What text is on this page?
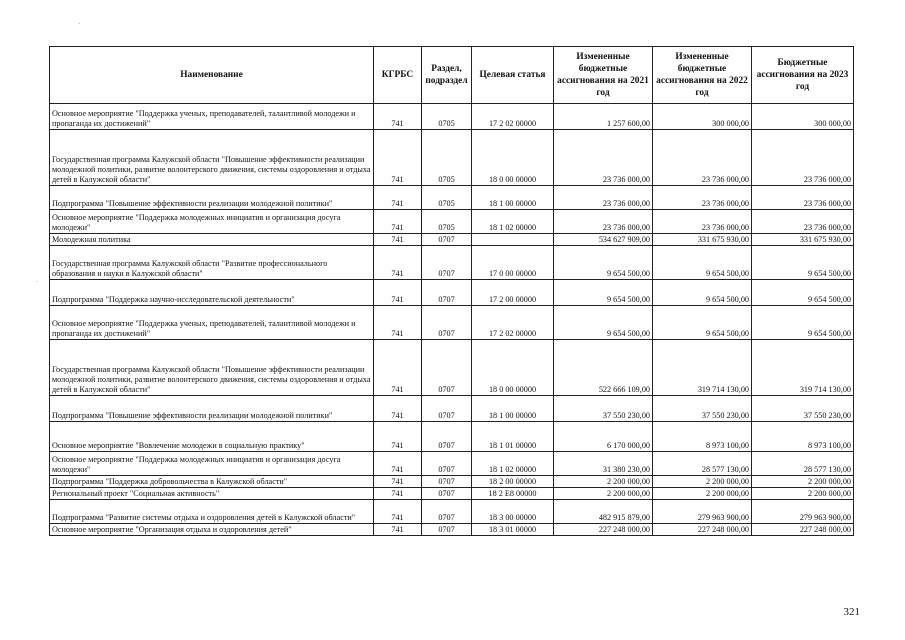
·
·
Наименование	КГРБС	Раздел, подраздел	Целевая статья	Измененные бюджетные ассигнования на 2021 год	Измененные бюджетные ассигнования на 2022 год	Бюджетные ассигнования на 2023 год
Основное мероприятие "Поддержка ученых, преподавателей, талантливой молодежи и пропаганда их достижений"	741	0705	17 2 02 00000	1 257 600,00	300 000,00	300 000,00
Государственная программа Калужской области "Повышение эффективности реализации молодежной политики, развитие волонтерского движения, системы оздоровления и отдыха детей в Калужской области"	741	0705	18 0 00 00000	23 736 000,00	23 736 000,00	23 736 000,00
Подпрограмма "Повышение эффективности реализации молодежной политики"	741	0705	18 1 00 00000	23 736 000,00	23 736 000,00	23 736 000,00
Основное мероприятие "Поддержка молодежных инициатив и организация досуга молодежи"	741	0705	18 1 02 00000	23 736 000,00	23 736 000,00	23 736 000,00
Молодежная политика	741	0707		534 627 909,00	331 675 930,00	331 675 930,00
Государственная программа Калужской области "Развитие профессионального образования и науки в Калужской области"	741	0707	17 0 00 00000	9 654 500,00	9 654 500,00	9 654 500,00
Подпрограмма "Поддержка научно-исследовательской деятельности"	741	0707	17 2 00 00000	9 654 500,00	9 654 500,00	9 654 500,00
Основное мероприятие "Поддержка ученых, преподавателей, талантливой молодежи и пропаганда их достижений"	741	0707	17 2 02 00000	9 654 500,00	9 654 500,00	9 654 500,00
Государственная программа Калужской области "Повышение эффективности реализации молодежной политики, развитие волонтерского движения, системы оздоровления и отдыха детей в Калужской области"	741	0707	18 0 00 00000	522 666 109,00	319 714 130,00	319 714 130,00
Подпрограмма "Повышение эффективности реализации молодежной политики"	741	0707	18 1 00 00000	37 550 230,00	37 550 230,00	37 550 230,00
Основное мероприятие "Вовлечение молодежи в социальную практику"	741	0707	18 1 01 00000	6 170 000,00	8 973 100,00	8 973 100,00
Основное мероприятие "Поддержка молодежных инициатив и организация досуга молодежи"	741	0707	18 1 02 00000	31 380 230,00	28 577 130,00	28 577 130,00
Подпрограмма "Поддержка добровольчества в Калужской области"	741	0707	18 2 00 00000	2 200 000,00	2 200 000,00	2 200 000,00
Региональный проект "Социальная активность"	741	0707	18 2 E8 00000	2 200 000,00	2 200 000,00	2 200 000,00
Подпрограмма "Развитие системы отдыха и оздоровления детей в Калужской области"	741	0707	18 3 00 00000	482 915 879,00	279 963 900,00	279 963 900,00
Основное мероприятие "Организация отдыха и оздоровления детей"	741	0707	18 3 01 00000	227 248 000,00	227 248 000,00	227 248 000,00
321
